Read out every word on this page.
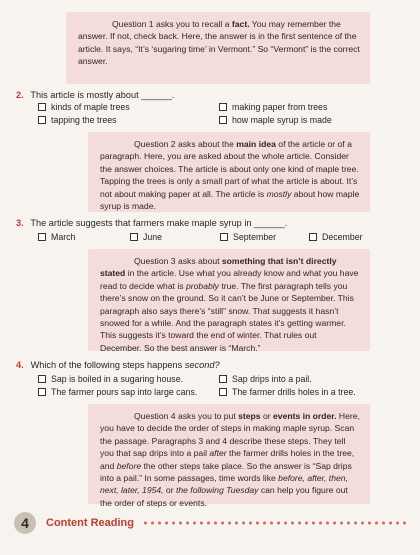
Question 1 asks you to recall a fact. You may remember the answer. If not, check back. Here, the answer is in the first sentence of the article. It says, “It’s ‘sugaring time’ in Vermont.” So “Vermont” is the correct answer.

2. This article is mostly about ______.
kinds of maple trees	making paper from trees
tapping the trees	how maple syrup is made

Question 2 asks about the main idea of the article or of a paragraph. Here, you are asked about the whole article. Consider the answer choices. The article is about only one kind of maple tree. Tapping the trees is only a small part of what the article is about. It’s not about making paper at all. The article is mostly about how maple syrup is made.

3. The article suggests that farmers make maple syrup in ______.
March	June	September	December

Question 3 asks about something that isn’t directly stated in the article. Use what you already know and what you have read to decide what is probably true. The first paragraph tells you there’s snow on the ground. So it can’t be June or September. This paragraph also says there’s “still” snow. That suggests it hasn’t snowed for a while. And the paragraph states it’s getting warmer. This suggests it’s toward the end of winter. That rules out December. So the best answer is “March.”

4. Which of the following steps happens second?
Sap is boiled in a sugaring house.	Sap drips into a pail.
The farmer pours sap into large cans.	The farmer drills holes in a tree.

Question 4 asks you to put steps or events in order. Here, you have to decide the order of steps in making maple syrup. Scan the passage. Paragraphs 3 and 4 describe these steps. They tell you that sap drips into a pail after the farmer drills holes in the tree, and before the other steps take place. So the answer is “Sap drips into a pail.” In some passages, time words like before, after, then, next, later, 1954, or the following Tuesday can help you figure out the order of steps or events.

4	Content Reading
